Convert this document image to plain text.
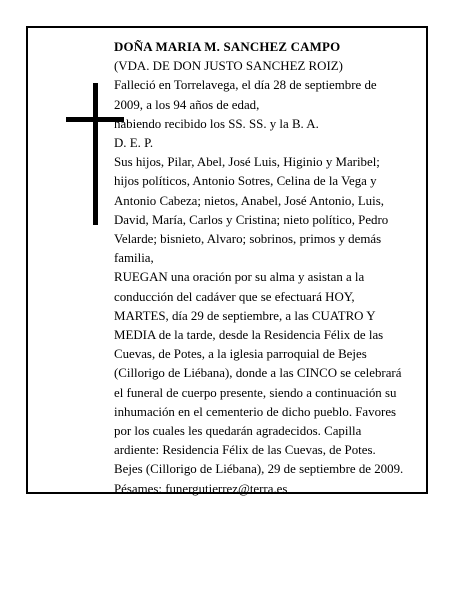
DOÑA MARIA M. SANCHEZ CAMPO

(VDA. DE DON JUSTO SANCHEZ ROIZ)

Falleció en Torrelavega, el día 28 de septiembre de

2009, a los 94 años de edad,

habiendo recibido los SS. SS. y la B. A.

D. E. P.

Sus hijos, Pilar, Abel, José Luis, Higinio y Maribel;

hijos políticos, Antonio Sotres, Celina de la Vega y

Antonio Cabeza; nietos, Anabel, José Antonio, Luis,

David, María, Carlos y Cristina; nieto político, Pedro

Velarde; bisnieto, Alvaro; sobrinos, primos y demás

familia,

RUEGAN una oración por su alma y asistan a la

conducción del cadáver que se efectuará HOY,

MARTES, día 29 de septiembre, a las CUATRO Y

MEDIA de la tarde, desde la Residencia Félix de las

Cuevas, de Potes, a la iglesia parroquial de Bejes

(Cillorigo de Liébana), donde a las CINCO se celebrará

el funeral de cuerpo presente, siendo a continuación su

inhumación en el cementerio de dicho pueblo. Favores

por los cuales les quedarán agradecidos. Capilla

ardiente: Residencia Félix de las Cuevas, de Potes.

Bejes (Cillorigo de Liébana), 29 de septiembre de 2009.

Pésames: funergutierrez@terra.es
